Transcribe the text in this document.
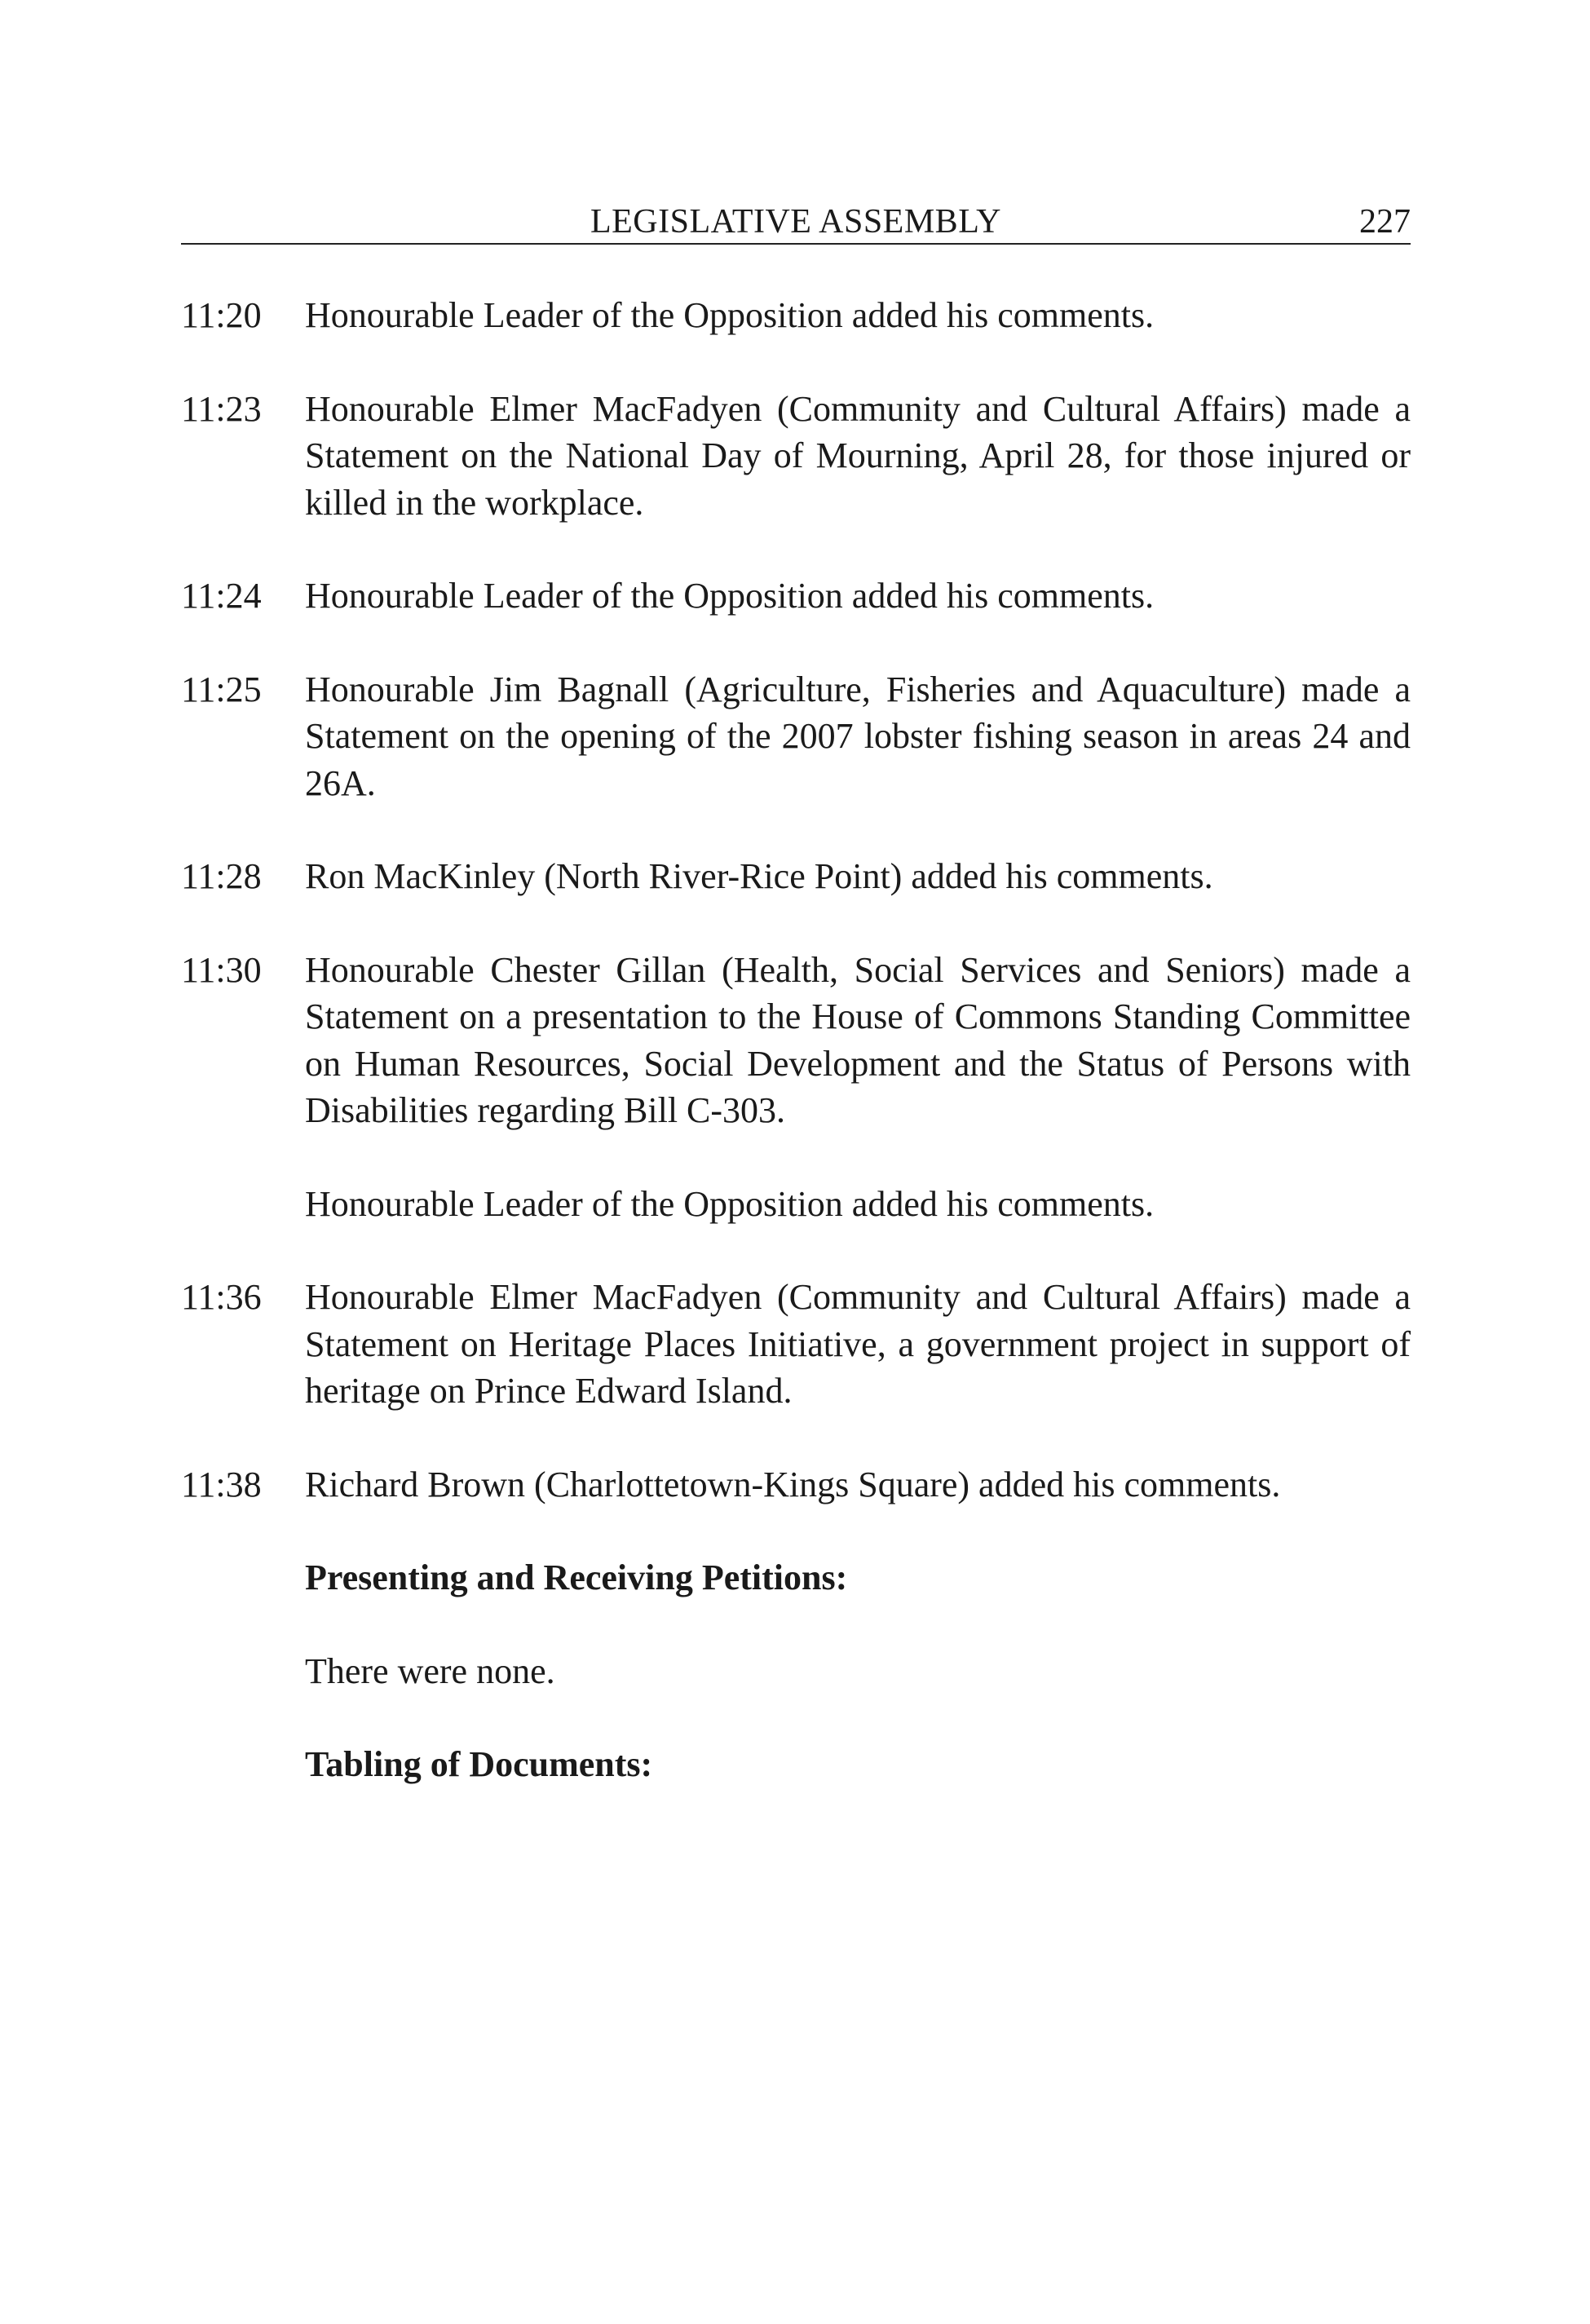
LEGISLATIVE ASSEMBLY	227
11:20	Honourable Leader of the Opposition added his comments.
11:23	Honourable Elmer MacFadyen (Community and Cultural Affairs) made a Statement on the National Day of Mourning, April 28, for those injured or killed in the workplace.
11:24	Honourable Leader of the Opposition added his comments.
11:25	Honourable Jim Bagnall (Agriculture, Fisheries and Aquaculture) made a Statement on the opening of the 2007 lobster fishing season in areas 24 and 26A.
11:28	Ron MacKinley (North River-Rice Point) added his comments.
11:30	Honourable Chester Gillan (Health, Social Services and Seniors) made a Statement on a presentation to the House of Commons Standing Committee on Human Resources, Social Development and the Status of Persons with Disabilities regarding Bill C-303.
Honourable Leader of the Opposition added his comments.
11:36	Honourable Elmer MacFadyen (Community and Cultural Affairs) made a Statement on Heritage Places Initiative, a government project in support of heritage on Prince Edward Island.
11:38	Richard Brown (Charlottetown-Kings Square) added his comments.
Presenting and Receiving Petitions:
There were none.
Tabling of Documents:
